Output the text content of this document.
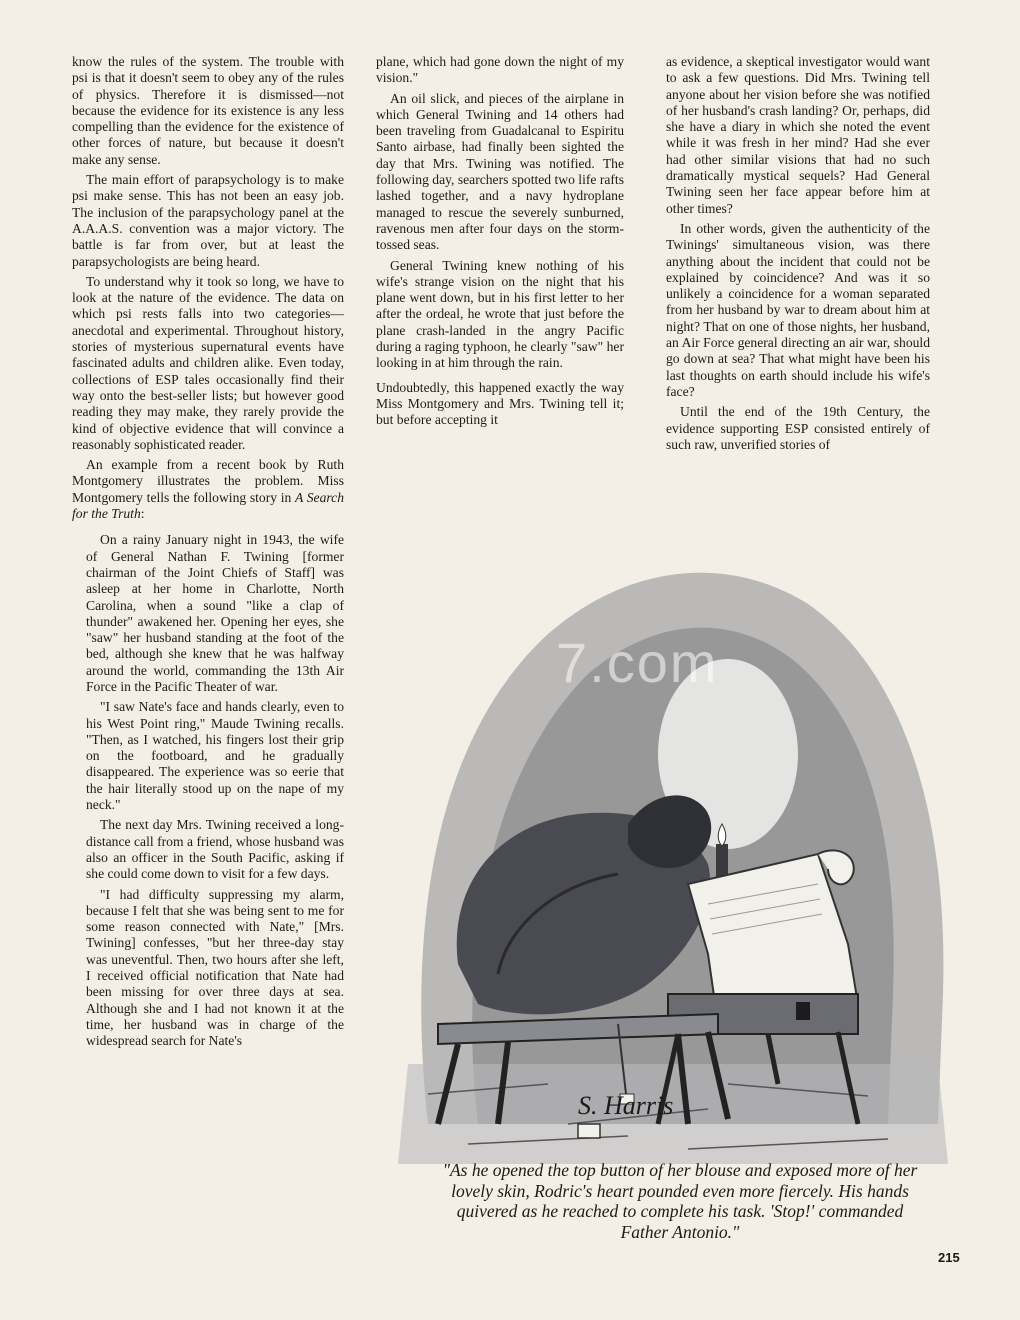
know the rules of the system. The trouble with psi is that it doesn't seem to obey any of the rules of physics. Therefore it is dismissed—not because the evidence for its existence is any less compelling than the evidence for the existence of other forces of nature, but because it doesn't make any sense.

The main effort of parapsychology is to make psi make sense. This has not been an easy job. The inclusion of the parapsychology panel at the A.A.A.S. convention was a major victory. The battle is far from over, but at least the parapsychologists are being heard.

To understand why it took so long, we have to look at the nature of the evidence. The data on which psi rests falls into two categories—anecdotal and experimental. Throughout history, stories of mysterious supernatural events have fascinated adults and children alike. Even today, collections of ESP tales occasionally find their way onto the best-seller lists; but however good reading they may make, they rarely provide the kind of objective evidence that will convince a reasonably sophisticated reader.

An example from a recent book by Ruth Montgomery illustrates the problem. Miss Montgomery tells the following story in A Search for the Truth:

On a rainy January night in 1943, the wife of General Nathan F. Twining [former chairman of the Joint Chiefs of Staff] was asleep at her home in Charlotte, North Carolina, when a sound "like a clap of thunder" awakened her. Opening her eyes, she "saw" her husband standing at the foot of the bed, although she knew that he was halfway around the world, commanding the 13th Air Force in the Pacific Theater of war.

"I saw Nate's face and hands clearly, even to his West Point ring," Maude Twining recalls. "Then, as I watched, his fingers lost their grip on the footboard, and he gradually disappeared. The experience was so eerie that the hair literally stood up on the nape of my neck."

The next day Mrs. Twining received a long-distance call from a friend, whose husband was also an officer in the South Pacific, asking if she could come down to visit for a few days.

"I had difficulty suppressing my alarm, because I felt that she was being sent to me for some reason connected with Nate," [Mrs. Twining] confesses, "but her three-day stay was uneventful. Then, two hours after she left, I received official notification that Nate had been missing for over three days at sea. Although she and I had not known it at the time, her husband was in charge of the widespread search for Nate's

plane, which had gone down the night of my vision."

An oil slick, and pieces of the airplane in which General Twining and 14 others had been traveling from Guadalcanal to Espiritu Santo airbase, had finally been sighted the day that Mrs. Twining was notified. The following day, searchers spotted two life rafts lashed together, and a navy hydroplane managed to rescue the severely sunburned, ravenous men after four days on the storm-tossed seas.

General Twining knew nothing of his wife's strange vision on the night that his plane went down, but in his first letter to her after the ordeal, he wrote that just before the plane crash-landed in the angry Pacific during a raging typhoon, he clearly "saw" her looking in at him through the rain.

Undoubtedly, this happened exactly the way Miss Montgomery and Mrs. Twining tell it; but before accepting it

as evidence, a skeptical investigator would want to ask a few questions. Did Mrs. Twining tell anyone about her vision before she was notified of her husband's crash landing? Or, perhaps, did she have a diary in which she noted the event while it was fresh in her mind? Had she ever had other similar visions that had no such dramatically mystical sequels? Had General Twining seen her face appear before him at other times?

In other words, given the authenticity of the Twinings' simultaneous vision, was there anything about the incident that could not be explained by coincidence? And was it so unlikely a coincidence for a woman separated from her husband by war to dream about him at night? That on one of those nights, her husband, an Air Force general directing an air war, should go down at sea? That what might have been his last thoughts on earth should include his wife's face?

Until the end of the 19th Century, the evidence supporting ESP consisted entirely of such raw, unverified stories of

S. Harris
7.com
"As he opened the top button of her blouse and exposed more of her lovely skin, Rodric's heart pounded even more fiercely. His hands quivered as he reached to complete his task. 'Stop!' commanded Father Antonio."
215
